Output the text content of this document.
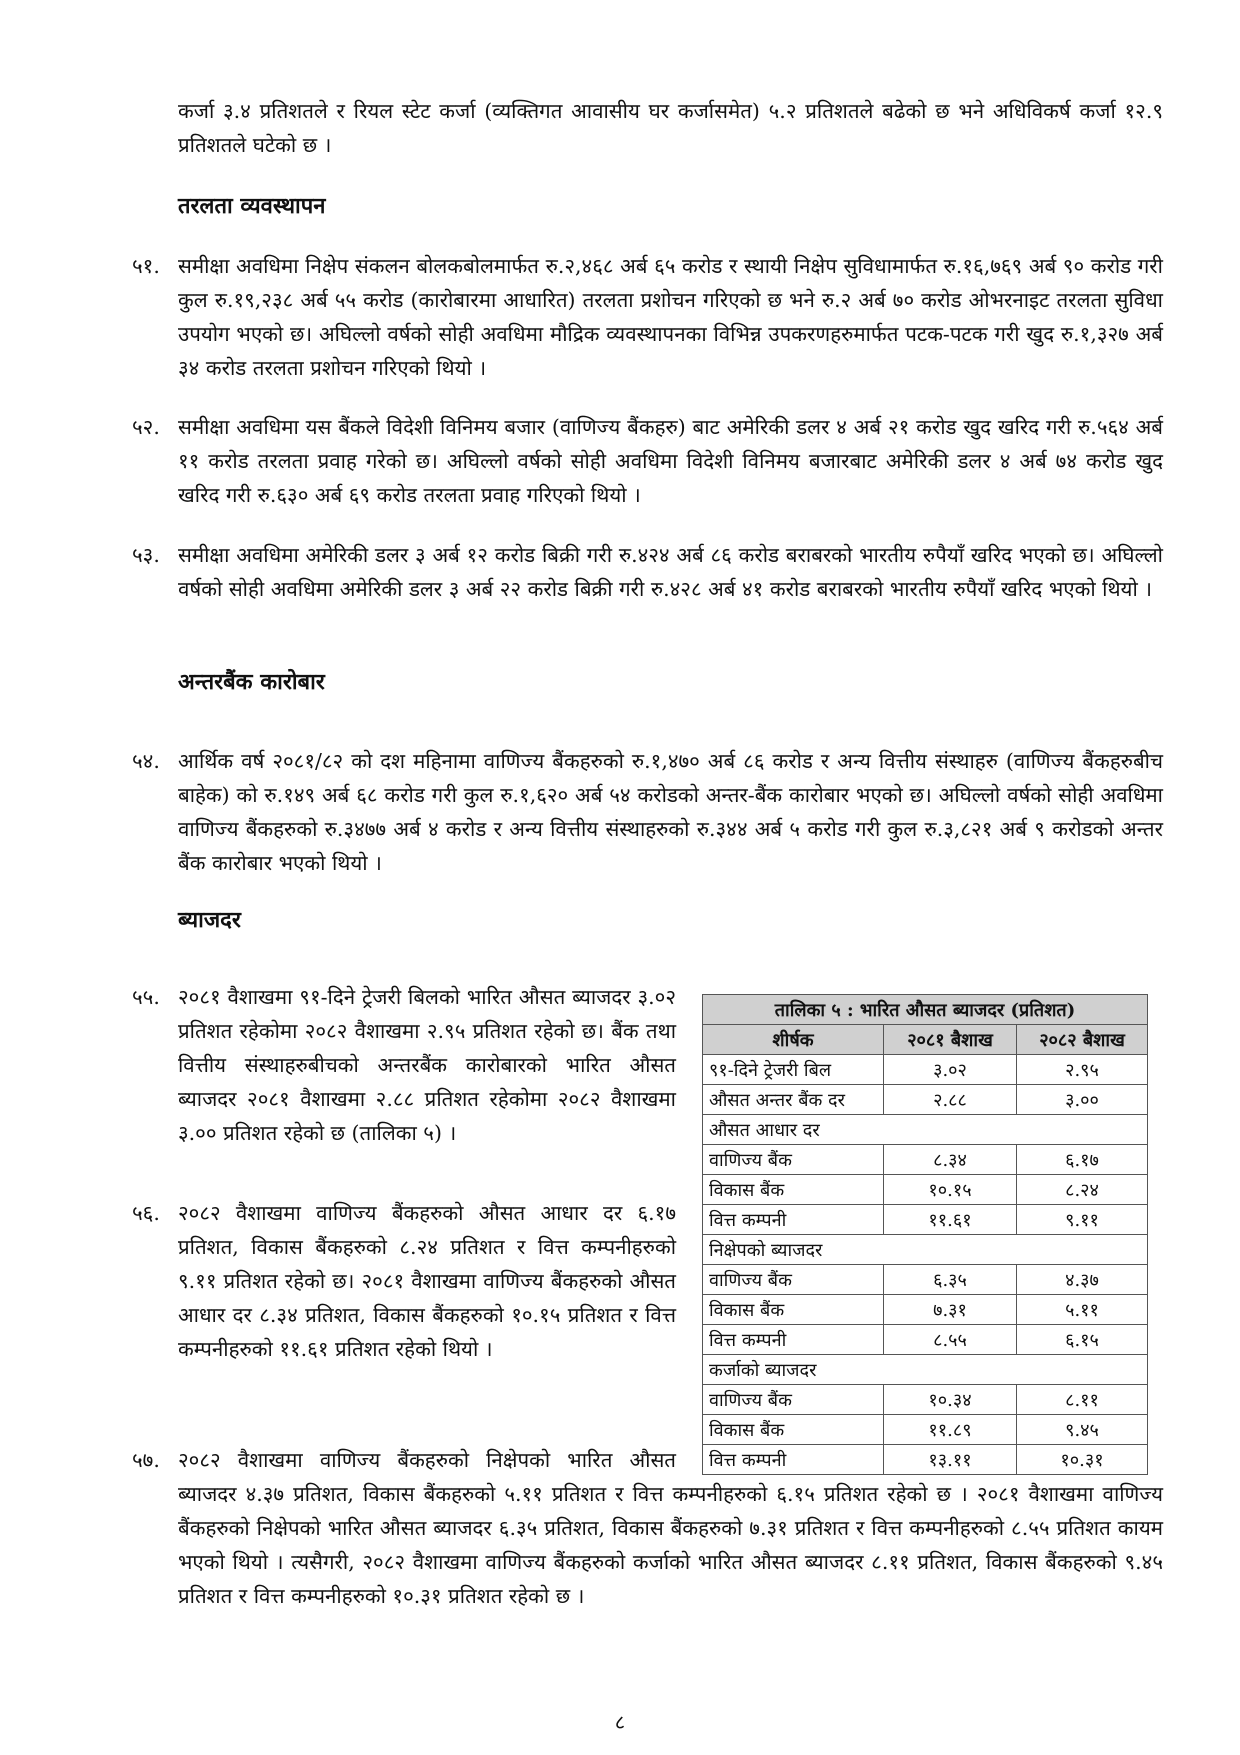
कर्जा ३.४ प्रतिशतले र रियल स्टेट कर्जा (व्यक्तिगत आवासीय घर कर्जासमेत) ५.२ प्रतिशतले बढेको छ भने अधिविकर्ष कर्जा १२.९ प्रतिशतले घटेको छ ।

तरलता व्यवस्थापन
५१. समीक्षा अवधिमा निक्षेप संकलन बोलकबोलमार्फत रु.२,४६८ अर्ब ६५ करोड र स्थायी निक्षेप सुविधामार्फत रु.१६,७६९ अर्ब ९० करोड गरी कुल रु.१९,२३८ अर्ब ५५ करोड (कारोबारमा आधारित) तरलता प्रशोचन गरिएको छ भने रु.२ अर्ब ७० करोड ओभरनाइट तरलता सुविधा उपयोग भएको छ। अघिल्लो वर्षको सोही अवधिमा मौद्रिक व्यवस्थापनका विभिन्न उपकरणहरुमार्फत पटक-पटक गरी खुद रु.१,३२७ अर्ब ३४ करोड तरलता प्रशोचन गरिएको थियो ।

५२. समीक्षा अवधिमा यस बैंकले विदेशी विनिमय बजार (वाणिज्य बैंकहरु) बाट अमेरिकी डलर ४ अर्ब २१ करोड खुद खरिद गरी रु.५६४ अर्ब ११ करोड तरलता प्रवाह गरेको छ। अघिल्लो वर्षको सोही अवधिमा विदेशी विनिमय बजारबाट अमेरिकी डलर ४ अर्ब ७४ करोड खुद खरिद गरी रु.६३० अर्ब ६९ करोड तरलता प्रवाह गरिएको थियो ।

५३. समीक्षा अवधिमा अमेरिकी डलर ३ अर्ब १२ करोड बिक्री गरी रु.४२४ अर्ब ८६ करोड बराबरको भारतीय रुपैयाँ खरिद भएको छ। अघिल्लो वर्षको सोही अवधिमा अमेरिकी डलर ३ अर्ब २२ करोड बिक्री गरी रु.४२८ अर्ब ४१ करोड बराबरको भारतीय रुपैयाँ खरिद भएको थियो ।

अन्तरबैंक कारोबार
५४. आर्थिक वर्ष २०८१/८२ को दश महिनामा वाणिज्य बैंकहरुको रु.१,४७० अर्ब ८६ करोड र अन्य वित्तीय संस्थाहरु (वाणिज्य बैंकहरुबीच बाहेक) को रु.१४९ अर्ब ६८ करोड गरी कुल रु.१,६२० अर्ब ५४ करोडको अन्तर-बैंक कारोबार भएको छ। अघिल्लो वर्षको सोही अवधिमा वाणिज्य बैंकहरुको रु.३४७७ अर्ब ४ करोड र अन्य वित्तीय संस्थाहरुको रु.३४४ अर्ब ५ करोड गरी कुल रु.३,८२१ अर्ब ९ करोडको अन्तर बैंक कारोबार भएको थियो ।

ब्याजदर
५५. २०८१ वैशाखमा ९१-दिने ट्रेजरी बिलको भारित औसत ब्याजदर ३.०२ प्रतिशत रहेकोमा २०८२ वैशाखमा २.९५ प्रतिशत रहेको छ। बैंक तथा वित्तीय संस्थाहरुबीचको अन्तरबैंक कारोबारको भारित औसत ब्याजदर २०८१ वैशाखमा २.८८ प्रतिशत रहेकोमा २०८२ वैशाखमा ३.०० प्रतिशत रहेको छ (तालिका ५) ।

५६. २०८२ वैशाखमा वाणिज्य बैंकहरुको औसत आधार दर ६.१७ प्रतिशत, विकास बैंकहरुको ८.२४ प्रतिशत र वित्त कम्पनीहरुको ९.११ प्रतिशत रहेको छ। २०८१ वैशाखमा वाणिज्य बैंकहरुको औसत आधार दर ८.३४ प्रतिशत, विकास बैंकहरुको १०.१५ प्रतिशत र वित्त कम्पनीहरुको ११.६१ प्रतिशत रहेको थियो ।

५७. २०८२ वैशाखमा वाणिज्य बैंकहरुको निक्षेपको भारित औसत

ब्याजदर ४.३७ प्रतिशत, विकास बैंकहरुको ५.११ प्रतिशत र वित्त कम्पनीहरुको ६.१५ प्रतिशत रहेको छ । २०८१ वैशाखमा वाणिज्य बैंकहरुको निक्षेपको भारित औसत ब्याजदर ६.३५ प्रतिशत, विकास बैंकहरुको ७.३१ प्रतिशत र वित्त कम्पनीहरुको ८.५५ प्रतिशत कायम भएको थियो । त्यसैगरी, २०८२ वैशाखमा वाणिज्य बैंकहरुको कर्जाको भारित औसत ब्याजदर ८.११ प्रतिशत, विकास बैंकहरुको ९.४५ प्रतिशत र वित्त कम्पनीहरुको १०.३१ प्रतिशत रहेको छ ।

तालिका ५ : भारित औसत ब्याजदर (प्रतिशत)		
शीर्षक	२०८१ बैशाख	२०८२ बैशाख
९१-दिने ट्रेजरी बिल	३.०२	२.९५
औसत अन्तर बैंक दर	२.८८	३.००
औसत आधार दर		
वाणिज्य बैंक	८.३४	६.१७
विकास बैंक	१०.१५	८.२४
वित्त कम्पनी	११.६१	९.११
निक्षेपको ब्याजदर		
वाणिज्य बैंक	६.३५	४.३७
विकास बैंक	७.३१	५.११
वित्त कम्पनी	८.५५	६.१५
कर्जाको ब्याजदर		
वाणिज्य बैंक	१०.३४	८.११
विकास बैंक	११.८९	९.४५
वित्त कम्पनी	१३.११	१०.३१
८
